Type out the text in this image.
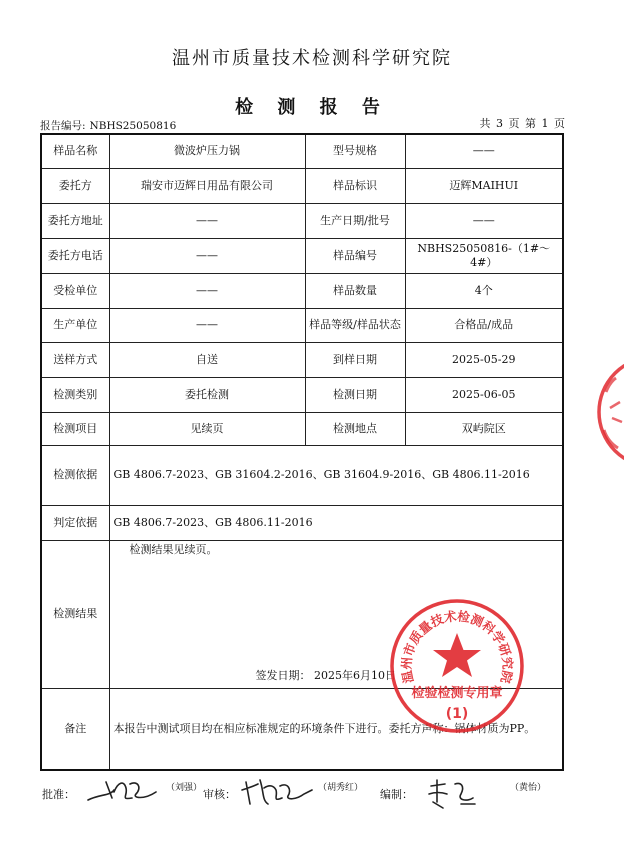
温州市质量技术检测科学研究院
检 测 报 告
报告编号: NBHS25050816	共 3 页 第 1 页
样品名称	微波炉压力锅	型号规格	——
委托方	瑞安市迈辉日用品有限公司	样品标识	迈辉MAIHUI
委托方地址	——	生产日期/批号	——
委托方电话	——	样品编号	NBHS25050816-（1#～4#）
受检单位	——	样品数量	4个
生产单位	——	样品等级/样品状态	合格品/成品
送样方式	自送	到样日期	2025-05-29
检测类别	委托检测	检测日期	2025-06-05
检测项目	见续页	检测地点	双屿院区
检测依据	GB 4806.7-2023、GB 31604.2-2016、GB 31604.9-2016、GB 4806.11-2016		
判定依据	GB 4806.7-2023、GB 4806.11-2016		
检测结果	检测结果见续页。
签发日期： 2025年6月10日		

备注	本报告中测试项目均在相应标准规定的环境条件下进行。委托方声称：锅体材质为PP。		
温州市质量技术检测科学研究院
检验检测专用章
(1)
批准：	（刘强） 审核：	（胡秀红） 编制：	（黄怡）
